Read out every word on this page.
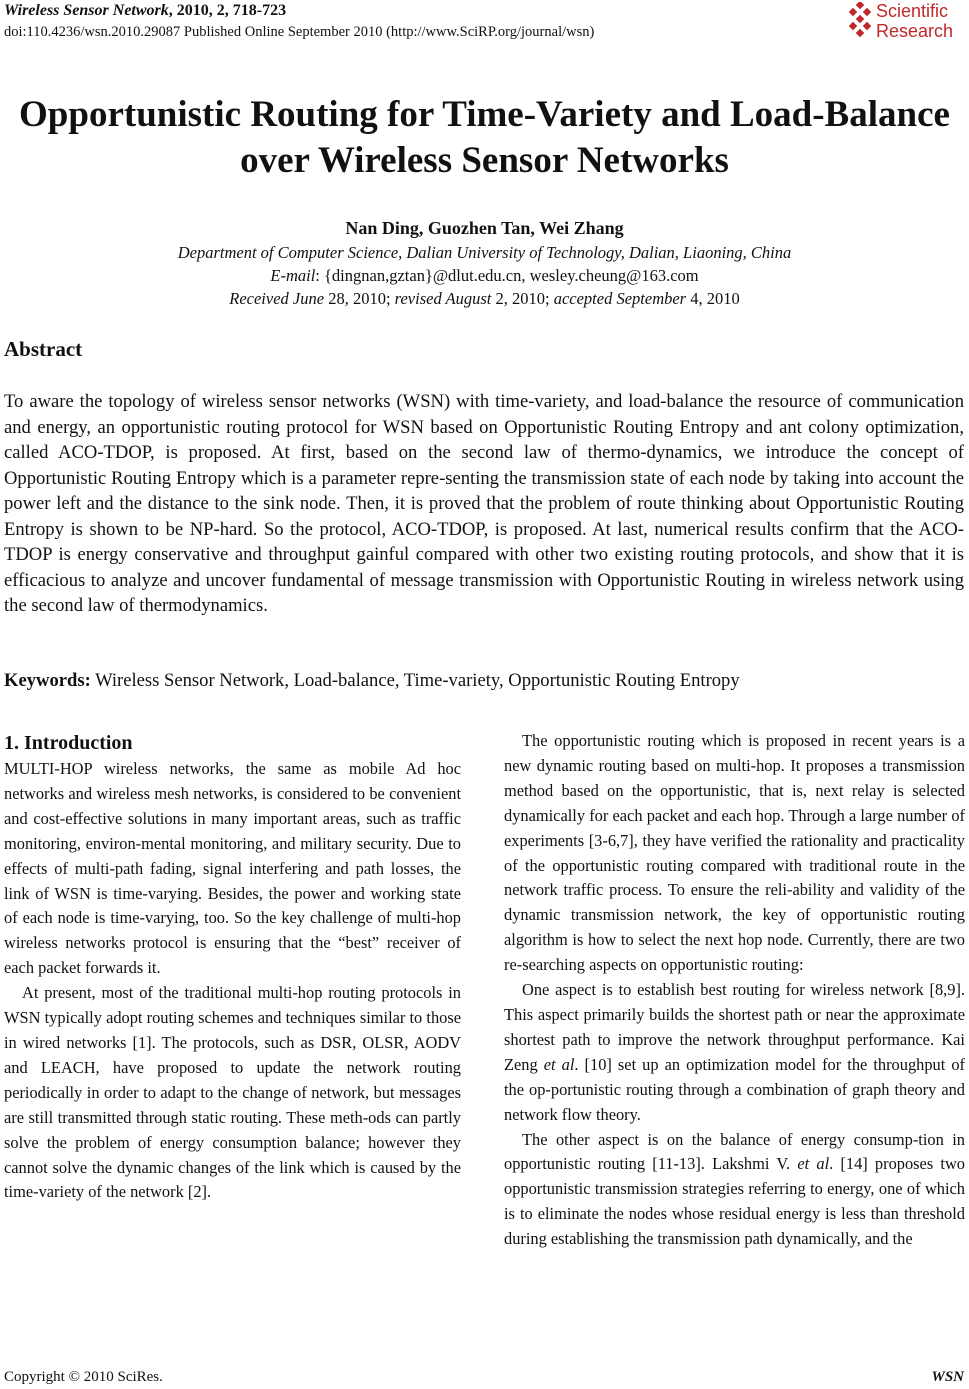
Wireless Sensor Network, 2010, 2, 718-723
doi:110.4236/wsn.2010.29087 Published Online September 2010 (http://www.SciRP.org/journal/wsn)
Scientific
Research
Opportunistic Routing for Time-Variety and Load-Balance
over Wireless Sensor Networks
Nan Ding, Guozhen Tan, Wei Zhang
Department of Computer Science, Dalian University of Technology, Dalian, Liaoning, China
E-mail: {dingnan,gztan}@dlut.edu.cn, wesley.cheung@163.com
Received June 28, 2010; revised August 2, 2010; accepted September 4, 2010
Abstract
To aware the topology of wireless sensor networks (WSN) with time-variety, and load-balance the resource of communication and energy, an opportunistic routing protocol for WSN based on Opportunistic Routing Entropy and ant colony optimization, called ACO-TDOP, is proposed. At first, based on the second law of thermo-dynamics, we introduce the concept of Opportunistic Routing Entropy which is a parameter repre-senting the transmission state of each node by taking into account the power left and the distance to the sink node. Then, it is proved that the problem of route thinking about Opportunistic Routing Entropy is shown to be NP-hard. So the protocol, ACO-TDOP, is proposed. At last, numerical results confirm that the ACO-TDOP is energy conservative and throughput gainful compared with other two existing routing protocols, and show that it is efficacious to analyze and uncover fundamental of message transmission with Opportunistic Routing in wireless network using the second law of thermodynamics.
Keywords: Wireless Sensor Network, Load-balance, Time-variety, Opportunistic Routing Entropy
1. Introduction

MULTI-HOP wireless networks, the same as mobile Ad hoc networks and wireless mesh networks, is considered to be convenient and cost-effective solutions in many important areas, such as traffic monitoring, environ-mental monitoring, and military security. Due to effects of multi-path fading, signal interfering and path losses, the link of WSN is time-varying. Besides, the power and working state of each node is time-varying, too. So the key challenge of multi-hop wireless networks protocol is ensuring that the “best” receiver of each packet forwards it.

At present, most of the traditional multi-hop routing protocols in WSN typically adopt routing schemes and techniques similar to those in wired networks [1]. The protocols, such as DSR, OLSR, AODV and LEACH, have proposed to update the network routing periodically in order to adapt to the change of network, but messages are still transmitted through static routing. These meth-ods can partly solve the problem of energy consumption balance; however they cannot solve the dynamic changes of the link which is caused by the time-variety of the network [2].

The opportunistic routing which is proposed in recent years is a new dynamic routing based on multi-hop. It proposes a transmission method based on the opportunistic, that is, next relay is selected dynamically for each packet and each hop. Through a large number of experiments [3-6,7], they have verified the rationality and practicality of the opportunistic routing compared with traditional route in the network traffic process. To ensure the reli-ability and validity of the dynamic transmission network, the key of opportunistic routing algorithm is how to select the next hop node. Currently, there are two re-searching aspects on opportunistic routing:

One aspect is to establish best routing for wireless network [8,9]. This aspect primarily builds the shortest path or near the approximate shortest path to improve the network throughput performance. Kai Zeng et al. [10] set up an optimization model for the throughput of the op-portunistic routing through a combination of graph theory and network flow theory.

The other aspect is on the balance of energy consump-tion in opportunistic routing [11-13]. Lakshmi V. et al. [14] proposes two opportunistic transmission strategies referring to energy, one of which is to eliminate the nodes whose residual energy is less than threshold during establishing the transmission path dynamically, and the

Copyright © 2010 SciRes.	WSN
